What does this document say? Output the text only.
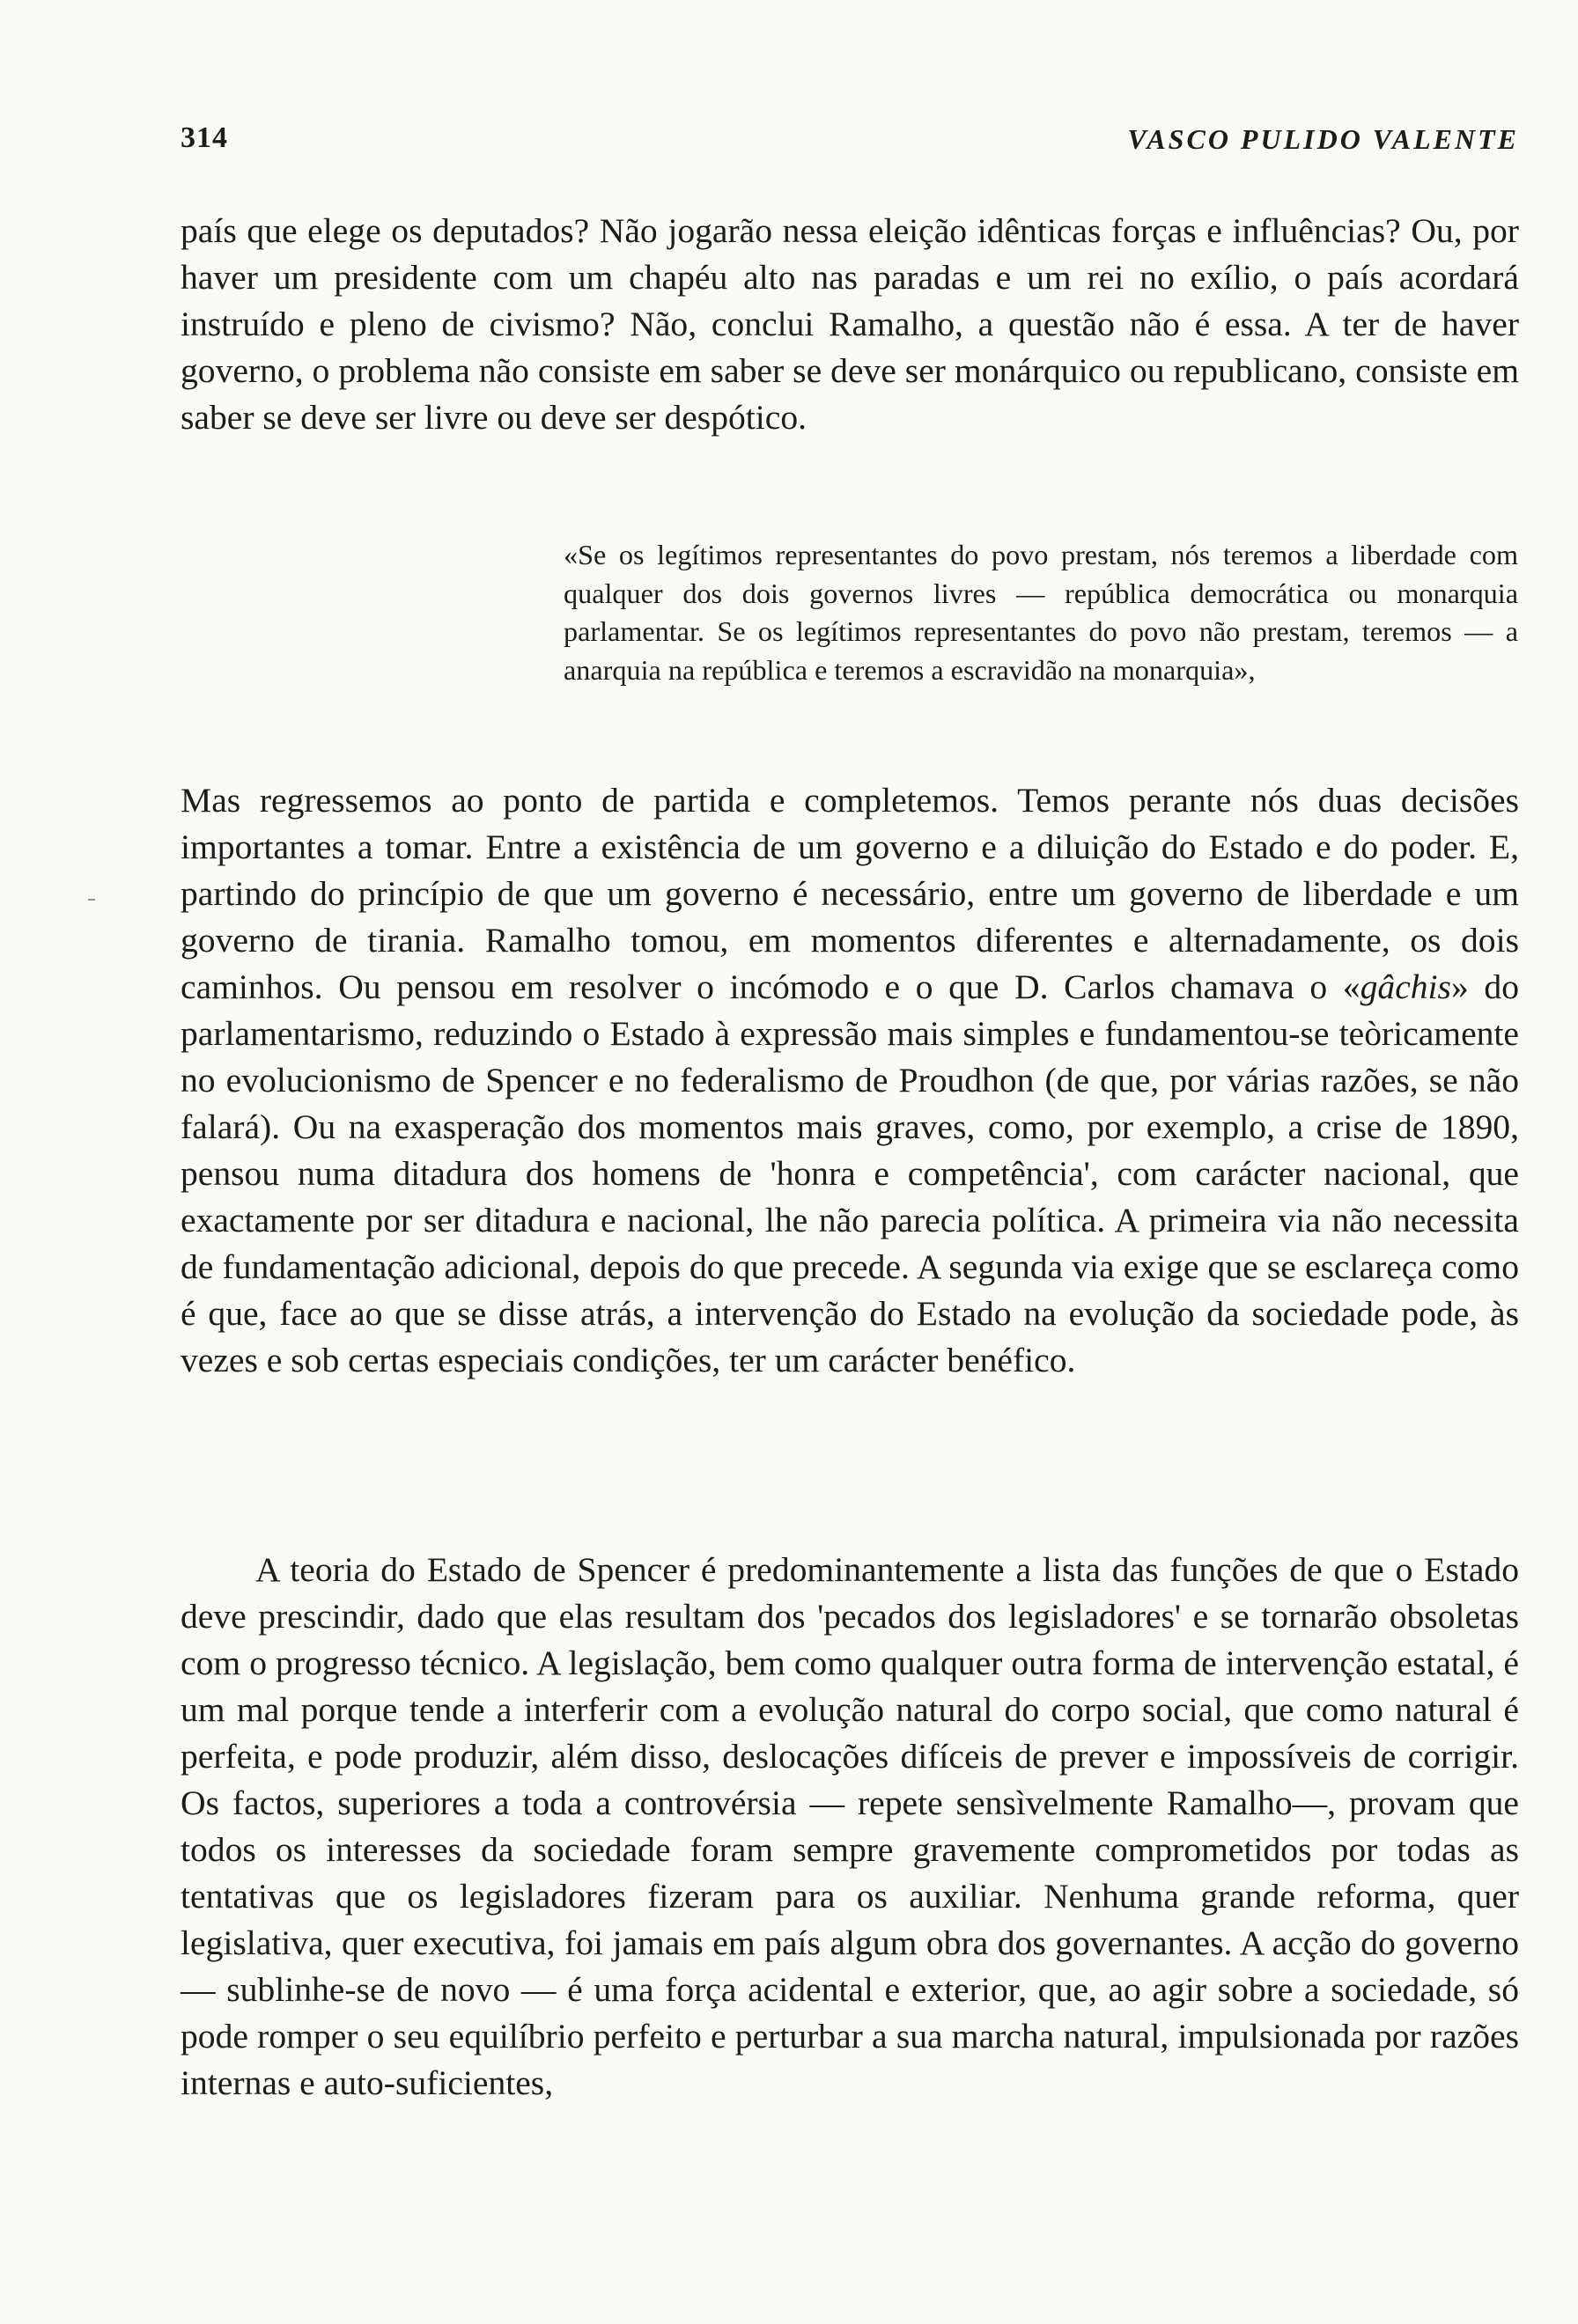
314	VASCO PULIDO VALENTE

país que elege os deputados? Não jogarão nessa eleição idênticas forças e influências? Ou, por haver um presidente com um chapéu alto nas paradas e um rei no exílio, o país acordará instruído e pleno de civismo? Não, conclui Ramalho, a questão não é essa. A ter de haver governo, o problema não consiste em saber se deve ser monárquico ou republicano, consiste em saber se deve ser livre ou deve ser despótico.

«Se os legítimos representantes do povo prestam, nós teremos a liberdade com qualquer dos dois governos livres — república democrática ou monarquia parlamentar. Se os legítimos representantes do povo não prestam, teremos — a anarquia na república e teremos a escravidão na monarquia»,

Mas regressemos ao ponto de partida e completemos. Temos perante nós duas decisões importantes a tomar. Entre a existência de um governo e a diluição do Estado e do poder. E, partindo do princípio de que um governo é necessário, entre um governo de liberdade e um governo de tirania. Ramalho tomou, em momentos diferentes e alternadamente, os dois caminhos. Ou pensou em resolver o incómodo e o que D. Carlos chamava o «gâchis» do parlamentarismo, reduzindo o Estado à expressão mais simples e fundamentou-se teòricamente no evolucionismo de Spencer e no federalismo de Proudhon (de que, por várias razões, se não falará). Ou na exasperação dos momentos mais graves, como, por exemplo, a crise de 1890, pensou numa ditadura dos homens de 'honra e competência', com carácter nacional, que exactamente por ser ditadura e nacional, lhe não parecia política. A primeira via não necessita de fundamentação adicional, depois do que precede. A segunda via exige que se esclareça como é que, face ao que se disse atrás, a intervenção do Estado na evolução da sociedade pode, às vezes e sob certas especiais condições, ter um carácter benéfico.

A teoria do Estado de Spencer é predominantemente a lista das funções de que o Estado deve prescindir, dado que elas resultam dos 'pecados dos legisladores' e se tornarão obsoletas com o progresso técnico. A legislação, bem como qualquer outra forma de intervenção estatal, é um mal porque tende a interferir com a evolução natural do corpo social, que como natural é perfeita, e pode produzir, além disso, deslocações difíceis de prever e impossíveis de corrigir. Os factos, superiores a toda a controvérsia — repete sensìvelmente Ramalho—, provam que todos os interesses da sociedade foram sempre gravemente comprometidos por todas as tentativas que os legisladores fizeram para os auxiliar. Nenhuma grande reforma, quer legislativa, quer executiva, foi jamais em país algum obra dos governantes. A acção do governo — sublinhe-se de novo — é uma força acidental e exterior, que, ao agir sobre a sociedade, só pode romper o seu equilíbrio perfeito e perturbar a sua marcha natural, impulsionada por razões internas e auto-suficientes,
